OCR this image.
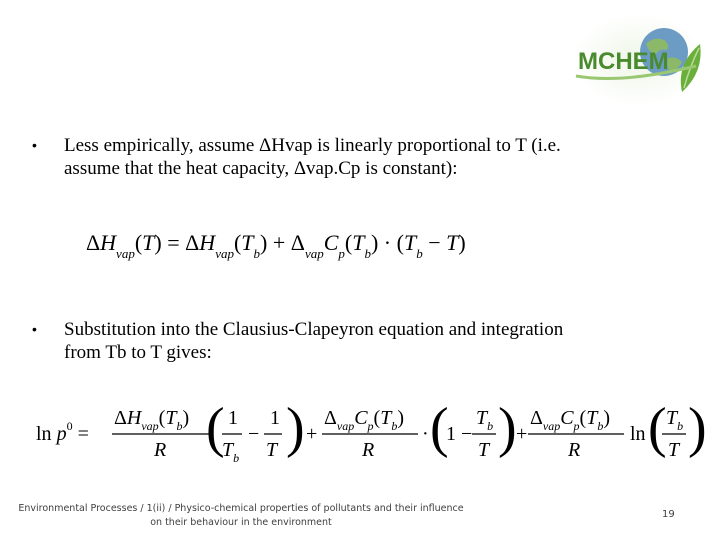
MCHEM
• Less empirically, assume ΔHvap is linearly proportional to T (i.e.
assume that the heat capacity, Δvap.Cp is constant):
$\Delta H_{vap}(T) = \Delta H_{vap}(T_b) + \Delta_{vap}C_p(T_b) \cdot (T_b - T)$
• Substitution into the Clausius-Clapeyron equation and integration
from Tb to T gives:
$\ln p^0$ =
$\Delta H_{vap}(T_b)$
R ( 1
$T_b$
−
1
T ) +
$\Delta_{vap}C_p(T_b)$
R
· (
1 −
$T_b$
T ) +
$\Delta_{vap}C_p(T_b)$
R
ln ( $T_b$
T )
Environmental Processes / 1(ii) / Physico-chemical properties of pollutants and their influence
on their behaviour in the environment
19
